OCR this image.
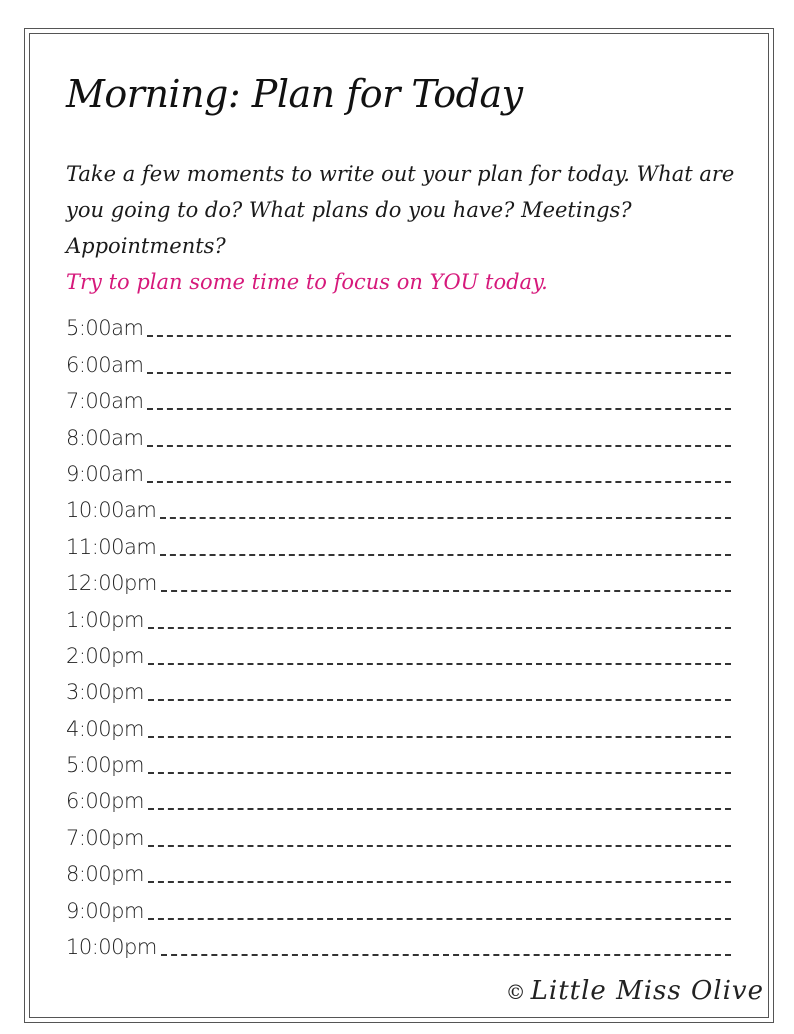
Morning: Plan for Today
Take a few moments to write out your plan for today. What are you going to do? What plans do you have? Meetings? Appointments?
Try to plan some time to focus on YOU today.
5:00am
6:00am
7:00am
8:00am
9:00am
10:00am
11:00am
12:00pm
1:00pm
2:00pm
3:00pm
4:00pm
5:00pm
6:00pm
7:00pm
8:00pm
9:00pm
10:00pm
© Little Miss Olive
